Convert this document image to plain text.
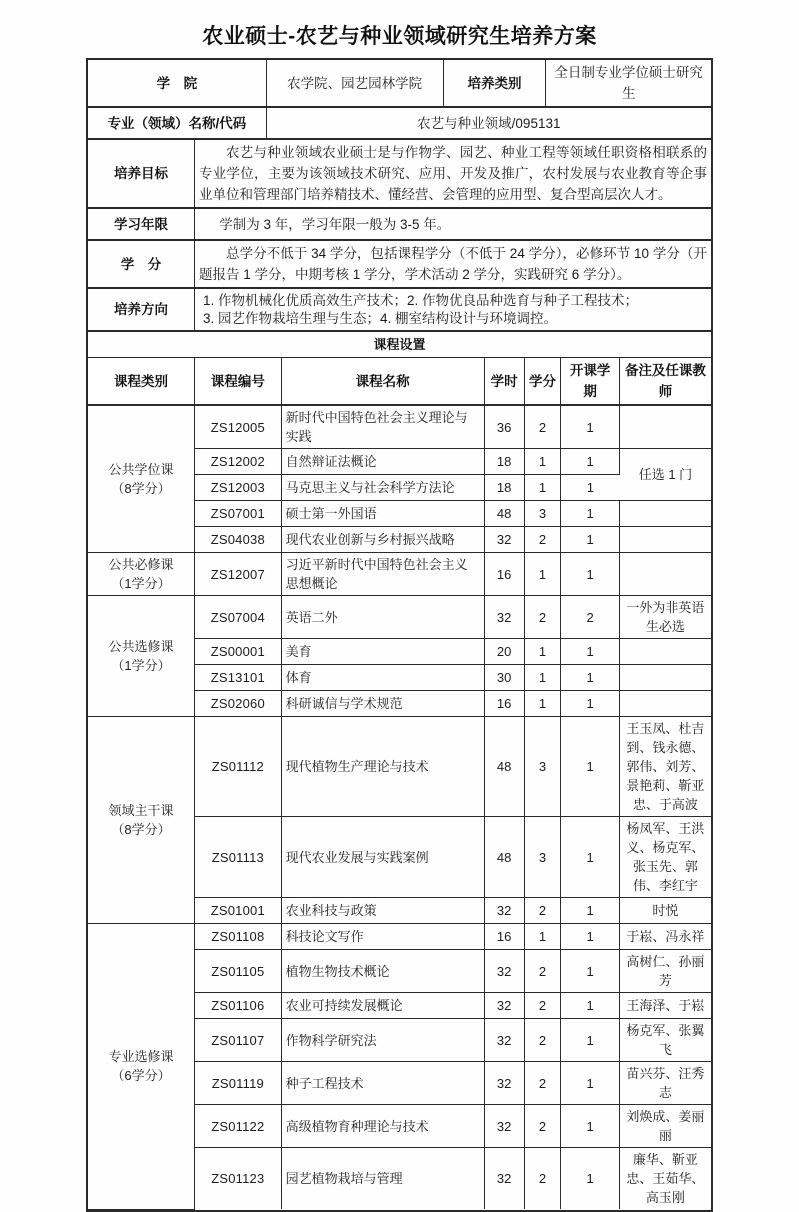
农业硕士-农艺与种业领域研究生培养方案
学　院	农学院、园艺园林学院	培养类别	全日制专业学位硕士研究生
专业（领域）名称/代码	农艺与种业领域/095131		
培养目标	农艺与种业领域农业硕士是与作物学、园艺、种业工程等领域任职资格相联系的专业学位，主要为该领域技术研究、应用、开发及推广，农村发展与农业教育等企事业单位和管理部门培养精技术、懂经营、会管理的应用型、复合型高层次人才。

学习年限	学制为 3 年，学习年限一般为 3-5 年。

学　分	总学分不低于 34 学分，包括课程学分（不低于 24 学分），必修环节 10 学分（开题报告 1 学分，中期考核 1 学分，学术活动 2 学分，实践研究 6 学分）。

培养方向	1. 作物机械化优质高效生产技术；2. 作物优良品种选育与种子工程技术；
3. 园艺作物栽培生理与生态；4. 棚室结构设计与环境调控。
课程设置						
课程类别	课程编号	课程名称	学时	学分	开课学期	备注及任课教师

公共学位课
（8学分）	ZS12005	新时代中国特色社会主义理论与实践	36	2	1	
	ZS12002	自然辩证法概论	18	1	1	任选 1 门
	ZS12003	马克思主义与社会科学方法论	18	1	1	
	ZS07001	硕士第一外国语	48	3	1	
	ZS04038	现代农业创新与乡村振兴战略	32	2	1	

公共必修课
（1学分）	ZS12007	习近平新时代中国特色社会主义思想概论	16	1	1	

公共选修课
（1学分）	ZS07004	英语二外	32	2	2	一外为非英语生必选
	ZS00001	美育	20	1	1	
	ZS13101	体育	30	1	1	
	ZS02060	科研诚信与学术规范	16	1	1	

领域主干课
（8学分）	ZS01112	现代植物生产理论与技术	48	3	1	王玉凤、杜吉到、钱永德、郭伟、刘芳、景艳莉、靳亚忠、于高波
	ZS01113	现代农业发展与实践案例	48	3	1	杨凤军、王洪义、杨克军、张玉先、郭伟、李红宇
	ZS01001	农业科技与政策	32	2	1	时悦

专业选修课
（6学分）	ZS01108	科技论文写作	16	1	1	于崧、冯永祥
	ZS01105	植物生物技术概论	32	2	1	高树仁、孙丽芳
	ZS01106	农业可持续发展概论	32	2	1	王海泽、于崧
	ZS01107	作物科学研究法	32	2	1	杨克军、张翼飞
	ZS01119	种子工程技术	32	2	1	苗兴芬、汪秀志
	ZS01122	高级植物育种理论与技术	32	2	1	刘焕成、姜丽丽
	ZS01123	园艺植物栽培与管理	32	2	1	廉华、靳亚忠、王茹华、高玉刚
